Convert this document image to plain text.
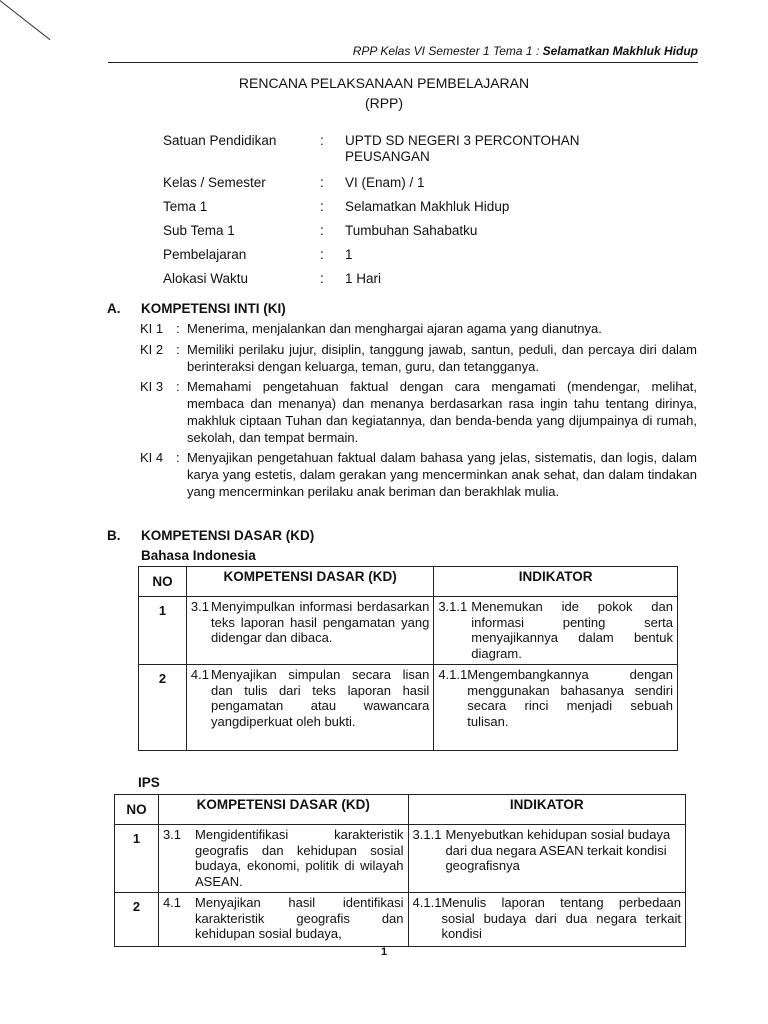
RPP Kelas VI Semester 1 Tema 1 : Selamatkan Makhluk Hidup
RENCANA PELAKSANAAN PEMBELAJARAN
(RPP)
Satuan Pendidikan	:	UPTD SD NEGERI 3 PERCONTOHAN PEUSANGAN
Kelas / Semester	:	VI (Enam) / 1
Tema 1	:	Selamatkan Makhluk Hidup
Sub Tema 1	:	Tumbuhan Sahabatku
Pembelajaran	:	1
Alokasi Waktu	:	1 Hari
A. KOMPETENSI INTI (KI)
KI 1 : Menerima, menjalankan dan menghargai ajaran agama yang dianutnya.
KI 2 : Memiliki perilaku jujur, disiplin, tanggung jawab, santun, peduli, dan percaya diri dalam berinteraksi dengan keluarga, teman, guru, dan tetangganya.
KI 3 : Memahami pengetahuan faktual dengan cara mengamati (mendengar, melihat, membaca dan menanya) dan menanya berdasarkan rasa ingin tahu tentang dirinya, makhluk ciptaan Tuhan dan kegiatannya, dan benda-benda yang dijumpainya di rumah, sekolah, dan tempat bermain.
KI 4 : Menyajikan pengetahuan faktual dalam bahasa yang jelas, sistematis, dan logis, dalam karya yang estetis, dalam gerakan yang mencerminkan anak sehat, dan dalam tindakan yang mencerminkan perilaku anak beriman dan berakhlak mulia.
B. KOMPETENSI DASAR (KD)
Bahasa Indonesia
NO	KOMPETENSI DASAR (KD)	INDIKATOR
1	3.1 Menyimpulkan informasi berdasarkan teks laporan hasil pengamatan yang didengar dan dibaca.	3.1.1 Menemukan ide pokok dan informasi penting serta menyajikannya dalam bentuk diagram.

2	4.1 Menyajikan simpulan secara lisan dan tulis dari teks laporan hasil pengamatan atau wawancara yangdiperkuat oleh bukti.	4.1.1 Mengembangkannya dengan menggunakan bahasanya sendiri secara rinci menjadi sebuah tulisan.
IPS
NO	KOMPETENSI DASAR (KD)	INDIKATOR
1	3.1 Mengidentifikasi karakteristik geografis dan kehidupan sosial budaya, ekonomi, politik di wilayah ASEAN.	3.1.1 Menyebutkan kehidupan sosial budaya dari dua negara ASEAN terkait kondisi geografisnya

2	4.1 Menyajikan hasil identifikasi karakteristik geografis dan kehidupan sosial budaya,	4.1.1 Menulis laporan tentang perbedaan sosial budaya dari dua negara terkait kondisi
1
